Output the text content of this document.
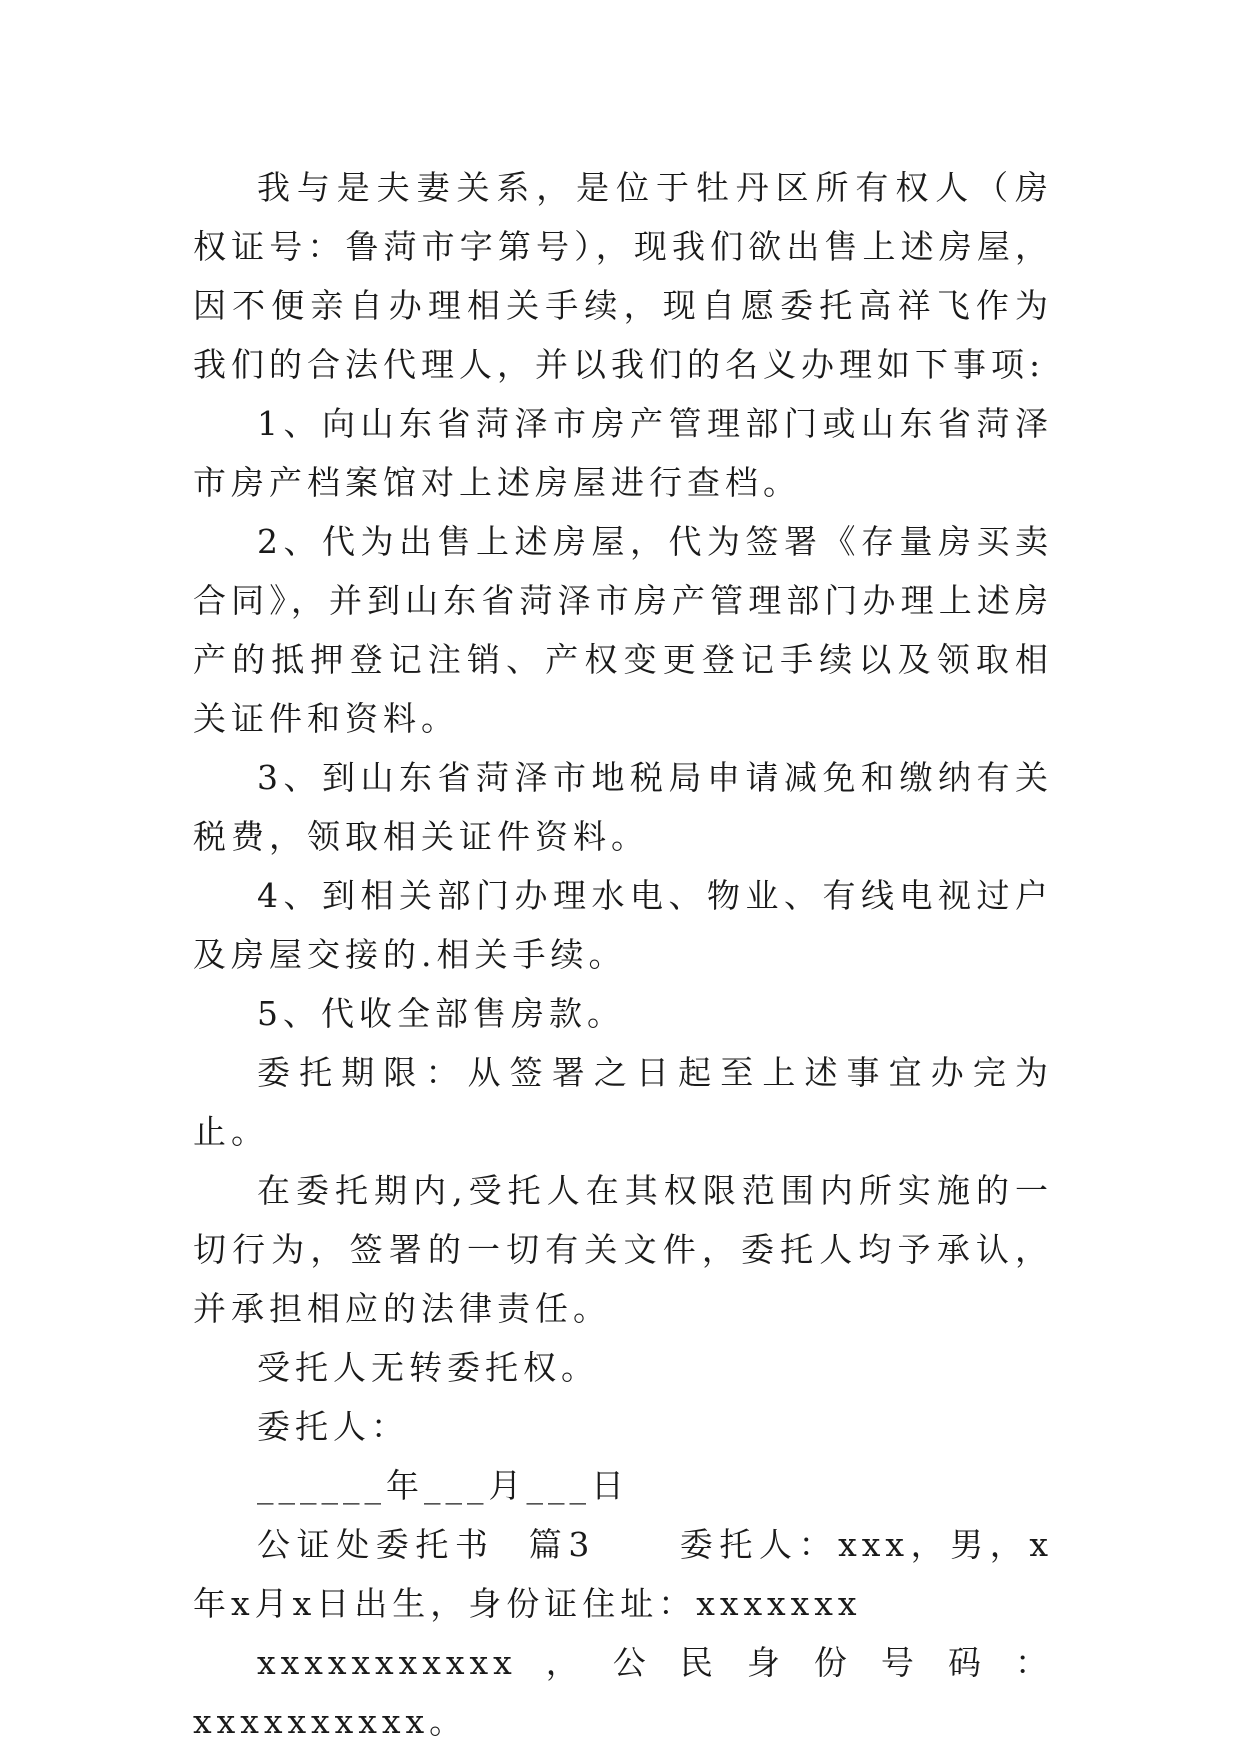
我与是夫妻关系，是位于牡丹区所有权人（房权证号：鲁菏市字第号），现我们欲出售上述房屋，因不便亲自办理相关手续，现自愿委托高祥飞作为我们的合法代理人，并以我们的名义办理如下事项:

1、向山东省菏泽市房产管理部门或山东省菏泽市房产档案馆对上述房屋进行查档。

2、代为出售上述房屋，代为签署《存量房买卖合同》，并到山东省菏泽市房产管理部门办理上述房产的抵押登记注销、产权变更登记手续以及领取相关证件和资料。

3、到山东省菏泽市地税局申请减免和缴纳有关税费，领取相关证件资料。

4、到相关部门办理水电、物业、有线电视过户及房屋交接的.相关手续。

5、代收全部售房款。

委托期限：从签署之日起至上述事宜办完为止。

在委托期内,受托人在其权限范围内所实施的一切行为，签署的一切有关文件，委托人均予承认，并承担相应的法律责任。

受托人无转委托权。

委托人：

______年___月___日

公证处委托书  篇3     委托人：xxx，男，x年x月x日出生，身份证住址：xxxxxxx

xxxxxxxxxxx，公民身份号码：xxxxxxxxxx。
